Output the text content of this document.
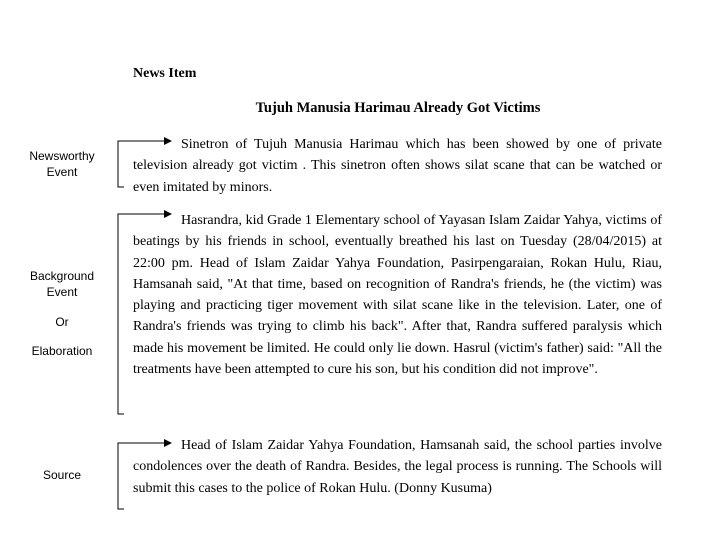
News Item
Tujuh Manusia Harimau Already Got Victims
Newsworthy
Event
Background
Event
Or
Elaboration
Source

Sinetron of Tujuh Manusia Harimau which has been showed by one of private television already got victim . This sinetron often shows silat scane that can be watched or even imitated by minors.

Hasrandra, kid Grade 1 Elementary school of Yayasan Islam Zaidar Yahya, victims of beatings by his friends in school, eventually breathed his last on Tuesday (28/04/2015) at 22:00 pm. Head of Islam Zaidar Yahya Foundation, Pasirpengaraian, Rokan Hulu, Riau, Hamsanah said, "At that time, based on recognition of Randra's friends, he (the victim) was playing and practicing tiger movement with silat scane like in the television. Later, one of Randra's friends was trying to climb his back". After that, Randra suffered paralysis which made his movement be limited. He could only lie down. Hasrul (victim's father) said: "All the treatments have been attempted to cure his son, but his condition did not improve".

Head of Islam Zaidar Yahya Foundation, Hamsanah said, the school parties involve condolences over the death of Randra. Besides, the legal process is running. The Schools will submit this cases to the police of Rokan Hulu. (Donny Kusuma)
